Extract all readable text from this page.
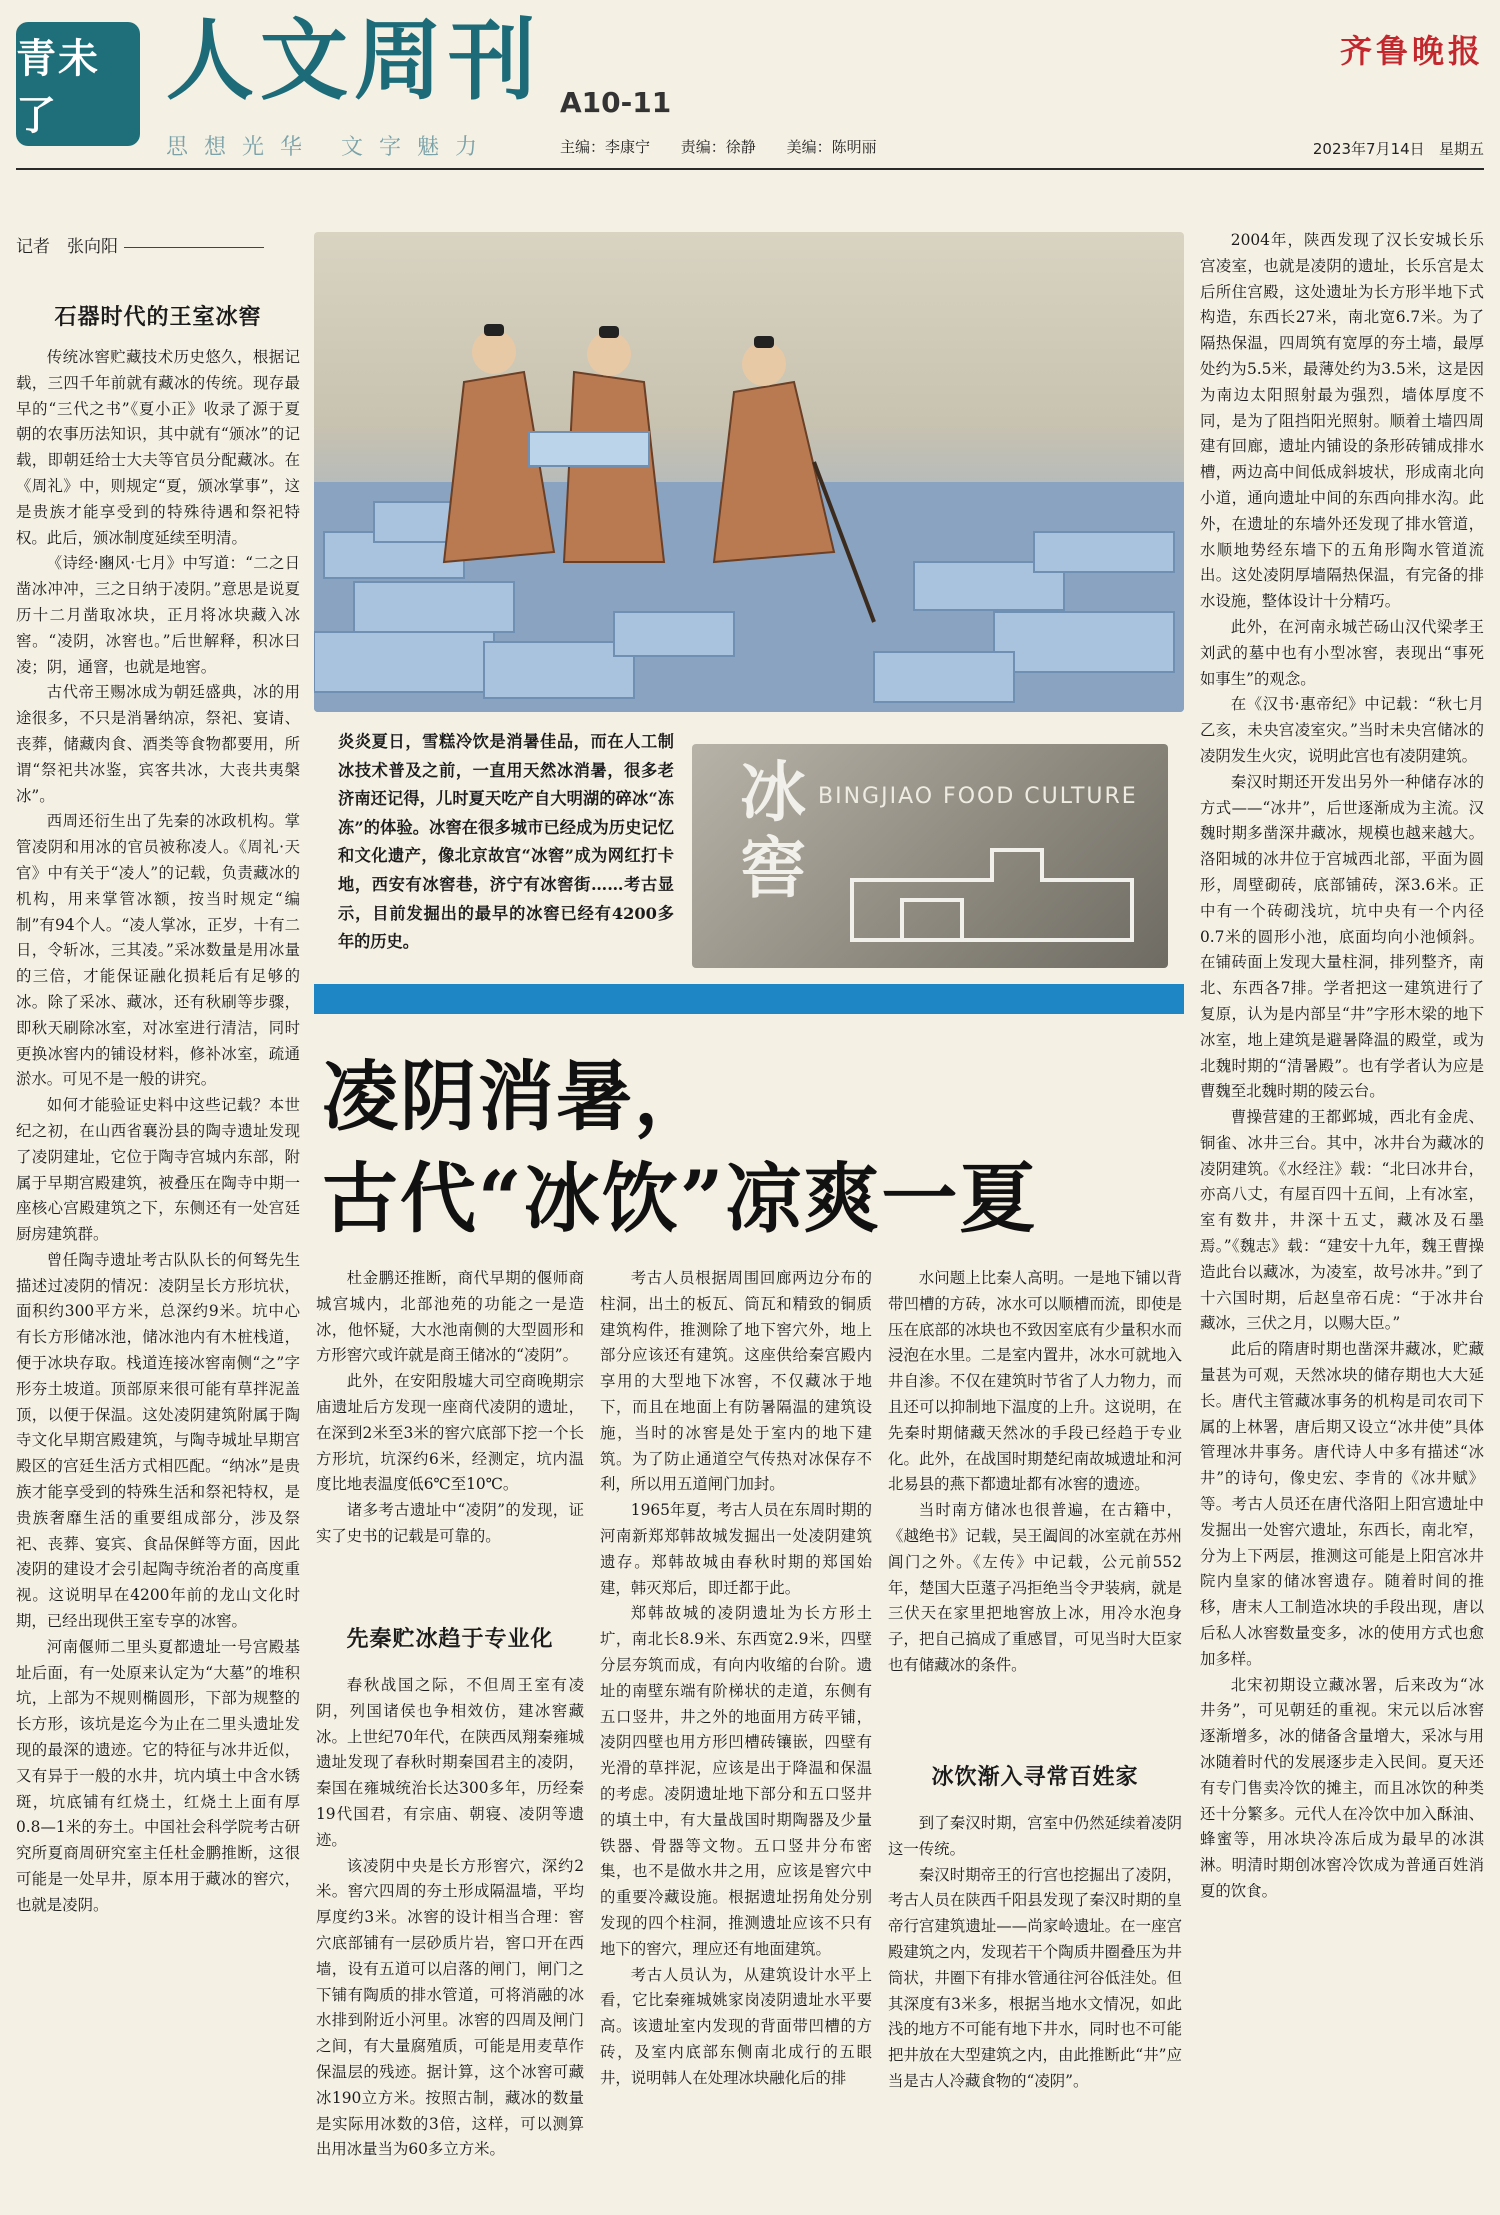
青未了
人文周刊 A10-11
思想光华 文字魅力	主编：李康宁 责编：徐静 美编：陈明丽
齐鲁晚报
2023年7月14日 星期五
记者　张向阳
炎炎夏日，雪糕冷饮是消暑佳品，而在人工制冰技术普及之前，一直用天然冰消暑，很多老济南还记得，儿时夏天吃产自大明湖的碎冰“冻冻”的体验。冰窖在很多城市已经成为历史记忆和文化遗产，像北京故宫“冰窖”成为网红打卡地，西安有冰窖巷，济宁有冰窖街……考古显示，目前发掘出的最早的冰窖已经有4200多年的历史。
冰窖
BINGJIAO FOOD CULTURE
凌阴消暑，
古代“冰饮”凉爽一夏
石器时代的王室冰窖

传统冰窖贮藏技术历史悠久，根据记载，三四千年前就有藏冰的传统。现存最早的“三代之书”《夏小正》收录了源于夏朝的农事历法知识，其中就有“颁冰”的记载，即朝廷给士大夫等官员分配藏冰。在《周礼》中，则规定“夏，颁冰掌事”，这是贵族才能享受到的特殊待遇和祭祀特权。此后，颁冰制度延续至明清。

《诗经·豳风·七月》中写道：“二之日凿冰冲冲，三之日纳于凌阴。”意思是说夏历十二月凿取冰块，正月将冰块藏入冰窖。“凌阴，冰窖也。”后世解释，积冰曰凌；阴，通窨，也就是地窖。

古代帝王赐冰成为朝廷盛典，冰的用途很多，不只是消暑纳凉，祭祀、宴请、丧葬，储藏肉食、酒类等食物都要用，所谓“祭祀共冰鉴，宾客共冰，大丧共夷槃冰”。

西周还衍生出了先秦的冰政机构。掌管凌阴和用冰的官员被称凌人。《周礼·天官》中有关于“凌人”的记载，负责藏冰的机构，用来掌管冰额，按当时规定“编制”有94个人。“凌人掌冰，正岁，十有二日，令斩冰，三其凌。”采冰数量是用冰量的三倍，才能保证融化损耗后有足够的冰。除了采冰、藏冰，还有秋刷等步骤，即秋天刷除冰室，对冰室进行清洁，同时更换冰窖内的铺设材料，修补冰室，疏通淤水。可见不是一般的讲究。

如何才能验证史料中这些记载？本世纪之初，在山西省襄汾县的陶寺遗址发现了凌阴建址，它位于陶寺宫城内东部，附属于早期宫殿建筑，被叠压在陶寺中期一座核心宫殿建筑之下，东侧还有一处宫廷厨房建筑群。

曾任陶寺遗址考古队队长的何驽先生描述过凌阴的情况：凌阴呈长方形坑状，面积约300平方米，总深约9米。坑中心有长方形储冰池，储冰池内有木桩栈道，便于冰块存取。栈道连接冰窖南侧“之”字形夯土坡道。顶部原来很可能有草拌泥盖顶，以便于保温。这处凌阴建筑附属于陶寺文化早期宫殿建筑，与陶寺城址早期宫殿区的宫廷生活方式相匹配。“纳冰”是贵族才能享受到的特殊生活和祭祀特权，是贵族奢靡生活的重要组成部分，涉及祭祀、丧葬、宴宾、食品保鲜等方面，因此凌阴的建设才会引起陶寺统治者的高度重视。这说明早在4200年前的龙山文化时期，已经出现供王室专享的冰窖。

河南偃师二里头夏都遗址一号宫殿基址后面，有一处原来认定为“大墓”的堆积坑，上部为不规则椭圆形，下部为规整的长方形，该坑是迄今为止在二里头遗址发现的最深的遗迹。它的特征与冰井近似，又有异于一般的水井，坑内填土中含水锈斑，坑底铺有红烧土，红烧土上面有厚0.8—1米的夯土。中国社会科学院考古研究所夏商周研究室主任杜金鹏推断，这很可能是一处早井，原本用于藏冰的窖穴，也就是凌阴。

杜金鹏还推断，商代早期的偃师商城宫城内，北部池苑的功能之一是造冰，他怀疑，大水池南侧的大型圆形和方形窖穴或许就是商王储冰的“凌阴”。

此外，在安阳殷墟大司空商晚期宗庙遗址后方发现一座商代凌阴的遗址，在深到2米至3米的窖穴底部下挖一个长方形坑，坑深约6米，经测定，坑内温度比地表温度低6℃至10℃。

诸多考古遗址中“凌阴”的发现，证实了史书的记载是可靠的。

先秦贮冰趋于专业化

春秋战国之际，不但周王室有凌阴，列国诸侯也争相效仿，建冰窖藏冰。上世纪70年代，在陕西凤翔秦雍城遗址发现了春秋时期秦国君主的凌阴，秦国在雍城统治长达300多年，历经秦19代国君，有宗庙、朝寝、凌阴等遗迹。

该凌阴中央是长方形窖穴，深约2米。窖穴四周的夯土形成隔温墙，平均厚度约3米。冰窖的设计相当合理：窖穴底部铺有一层砂质片岩，窖口开在西墙，设有五道可以启落的闸门，闸门之下铺有陶质的排水管道，可将消融的冰水排到附近小河里。冰窖的四周及闸门之间，有大量腐殖质，可能是用麦草作保温层的残迹。据计算，这个冰窖可藏冰190立方米。按照古制，藏冰的数量是实际用冰数的3倍，这样，可以测算出用冰量当为60多立方米。

考古人员根据周围回廊两边分布的柱洞，出土的板瓦、筒瓦和精致的铜质建筑构件，推测除了地下窖穴外，地上部分应该还有建筑。这座供给秦宫殿内享用的大型地下冰窖，不仅藏冰于地下，而且在地面上有防暑隔温的建筑设施，当时的冰窖是处于室内的地下建筑。为了防止通道空气传热对冰保存不利，所以用五道闸门加封。

1965年夏，考古人员在东周时期的河南新郑郑韩故城发掘出一处凌阴建筑遗存。郑韩故城由春秋时期的郑国始建，韩灭郑后，即迁都于此。

郑韩故城的凌阴遗址为长方形土圹，南北长8.9米、东西宽2.9米，四壁分层夯筑而成，有向内收缩的台阶。遗址的南壁东端有阶梯状的走道，东侧有五口竖井，井之外的地面用方砖平铺，凌阴四壁也用方形凹槽砖镶嵌，四壁有光滑的草拌泥，应该是出于降温和保温的考虑。凌阴遗址地下部分和五口竖井的填土中，有大量战国时期陶器及少量铁器、骨器等文物。五口竖井分布密集，也不是做水井之用，应该是窖穴中的重要冷藏设施。根据遗址拐角处分别发现的四个柱洞，推测遗址应该不只有地下的窖穴，理应还有地面建筑。

考古人员认为，从建筑设计水平上看，它比秦雍城姚家岗凌阴遗址水平要高。该遗址室内发现的背面带凹槽的方砖，及室内底部东侧南北成行的五眼井，说明韩人在处理冰块融化后的排

水问题上比秦人高明。一是地下铺以背带凹槽的方砖，冰水可以顺槽而流，即使是压在底部的冰块也不致因室底有少量积水而浸泡在水里。二是室内置井，冰水可就地入井自渗。不仅在建筑时节省了人力物力，而且还可以抑制地下温度的上升。这说明，在先秦时期储藏天然冰的手段已经趋于专业化。此外，在战国时期楚纪南故城遗址和河北易县的燕下都遗址都有冰窖的遗迹。

当时南方储冰也很普遍，在古籍中，《越绝书》记载，吴王阖闾的冰室就在苏州阊门之外。《左传》中记载，公元前552年，楚国大臣薳子冯拒绝当令尹装病，就是三伏天在家里把地窖放上冰，用冷水泡身子，把自己搞成了重感冒，可见当时大臣家也有储藏冰的条件。

冰饮渐入寻常百姓家

到了秦汉时期，宫室中仍然延续着凌阴这一传统。

秦汉时期帝王的行宫也挖掘出了凌阴，考古人员在陕西千阳县发现了秦汉时期的皇帝行宫建筑遗址——尚家岭遗址。在一座宫殿建筑之内，发现若干个陶质井圈叠压为井筒状，井圈下有排水管通往河谷低洼处。但其深度有3米多，根据当地水文情况，如此浅的地方不可能有地下井水，同时也不可能把井放在大型建筑之内，由此推断此“井”应当是古人冷藏食物的“凌阴”。

2004年，陕西发现了汉长安城长乐宫凌室，也就是凌阴的遗址，长乐宫是太后所住宫殿，这处遗址为长方形半地下式构造，东西长27米，南北宽6.7米。为了隔热保温，四周筑有宽厚的夯土墙，最厚处约为5.5米，最薄处约为3.5米，这是因为南边太阳照射最为强烈，墙体厚度不同，是为了阻挡阳光照射。顺着土墙四周建有回廊，遗址内铺设的条形砖铺成排水槽，两边高中间低成斜坡状，形成南北向小道，通向遗址中间的东西向排水沟。此外，在遗址的东墙外还发现了排水管道，水顺地势经东墙下的五角形陶水管道流出。这处凌阴厚墙隔热保温，有完备的排水设施，整体设计十分精巧。

此外，在河南永城芒砀山汉代梁孝王刘武的墓中也有小型冰窖，表现出“事死如事生”的观念。

在《汉书·惠帝纪》中记载：“秋七月乙亥，未央宫凌室灾。”当时未央宫储冰的凌阴发生火灾，说明此宫也有凌阴建筑。

秦汉时期还开发出另外一种储存冰的方式——“冰井”，后世逐渐成为主流。汉魏时期多凿深井藏冰，规模也越来越大。洛阳城的冰井位于宫城西北部，平面为圆形，周壁砌砖，底部铺砖，深3.6米。正中有一个砖砌浅坑，坑中央有一个内径0.7米的圆形小池，底面均向小池倾斜。在铺砖面上发现大量柱洞，排列整齐，南北、东西各7排。学者把这一建筑进行了复原，认为是内部呈“井”字形木梁的地下冰室，地上建筑是避暑降温的殿堂，或为北魏时期的“清暑殿”。也有学者认为应是曹魏至北魏时期的陵云台。

曹操营建的王都邺城，西北有金虎、铜雀、冰井三台。其中，冰井台为藏冰的凌阴建筑。《水经注》载：“北曰冰井台，亦高八丈，有屋百四十五间，上有冰室，室有数井，井深十五丈，藏冰及石墨焉。”《魏志》载：“建安十九年，魏王曹操造此台以藏冰，为凌室，故号冰井。”到了十六国时期，后赵皇帝石虎：“于冰井台藏冰，三伏之月，以赐大臣。”

此后的隋唐时期也凿深井藏冰，贮藏量甚为可观，天然冰块的储存期也大大延长。唐代主管藏冰事务的机构是司农司下属的上林署，唐后期又设立“冰井使”具体管理冰井事务。唐代诗人中多有描述“冰井”的诗句，像史宏、李肯的《冰井赋》等。考古人员还在唐代洛阳上阳宫遗址中发掘出一处窖穴遗址，东西长，南北窄，分为上下两层，推测这可能是上阳宫冰井院内皇家的储冰窖遗存。随着时间的推移，唐末人工制造冰块的手段出现，唐以后私人冰窖数量变多，冰的使用方式也愈加多样。

北宋初期设立藏冰署，后来改为“冰井务”，可见朝廷的重视。宋元以后冰窖逐渐增多，冰的储备含量增大，采冰与用冰随着时代的发展逐步走入民间。夏天还有专门售卖冷饮的摊主，而且冰饮的种类还十分繁多。元代人在冷饮中加入酥油、蜂蜜等，用冰块冷冻后成为最早的冰淇淋。明清时期创冰窖冷饮成为普通百姓消夏的饮食。
